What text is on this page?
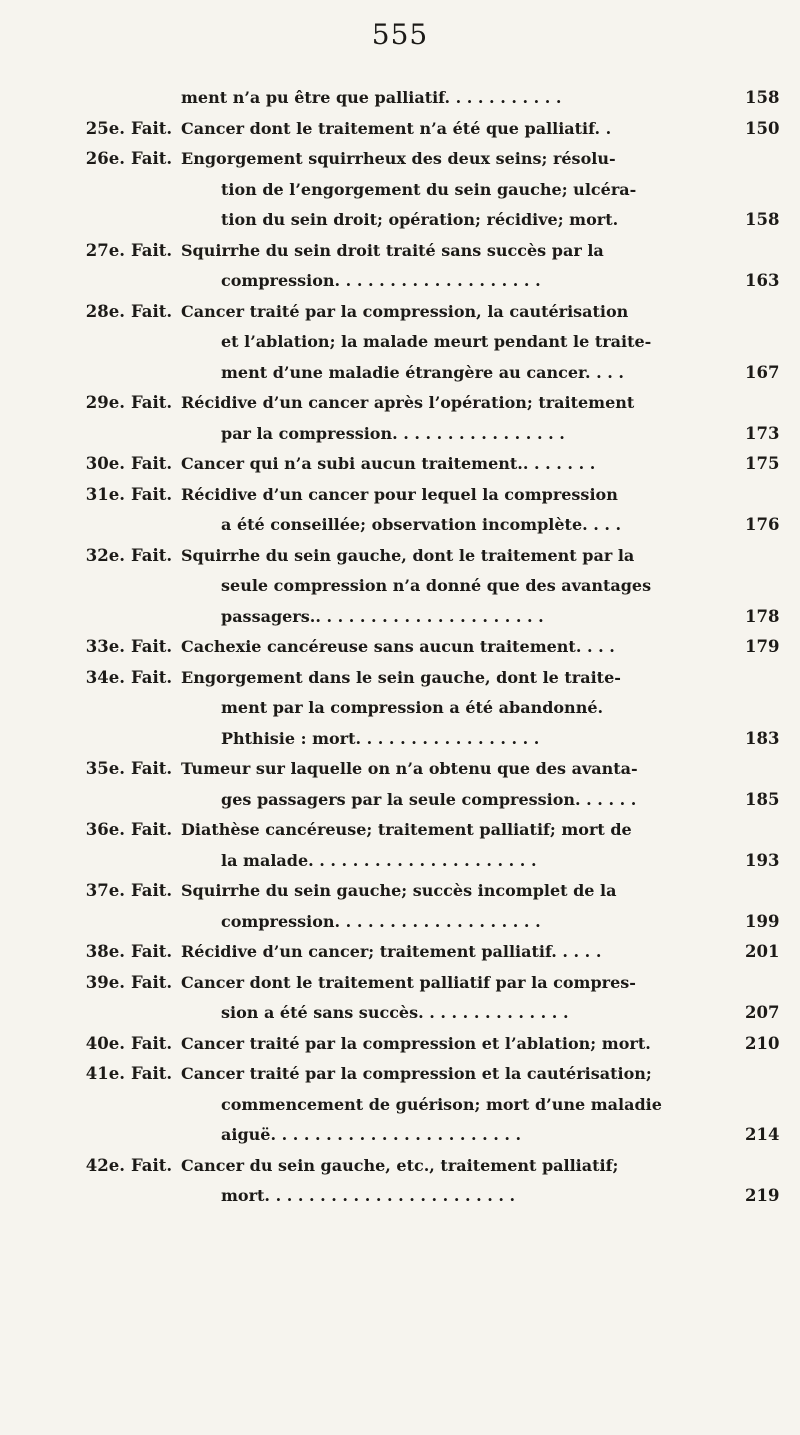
555
ment n’a pu être que palliatif. . . . . . . . . . .	158
25e. Fait. Cancer dont le traitement n’a été que palliatif. .	150
26e. Fait. Engorgement squirrheux des deux seins; résolu-
tion de l’engorgement du sein gauche; ulcéra-
tion du sein droit; opération; récidive; mort.	158
27e. Fait. Squirrhe du sein droit traité sans succès par la
compression. . . . . . . . . . . . . . . . . . .	163
28e. Fait. Cancer traité par la compression, la cautérisation
et l’ablation; la malade meurt pendant le traite-
ment d’une maladie étrangère au cancer. . . .	167
29e. Fait. Récidive d’un cancer après l’opération; traitement
par la compression. . . . . . . . . . . . . . . .	173
30e. Fait. Cancer qui n’a subi aucun traitement.. . . . . . .	175
31e. Fait. Récidive d’un cancer pour lequel la compression
a été conseillée; observation incomplète. . . .	176
32e. Fait. Squirrhe du sein gauche, dont le traitement par la
seule compression n’a donné que des avantages
passagers.. . . . . . . . . . . . . . . . . . . . .	178
33e. Fait. Cachexie cancéreuse sans aucun traitement. . . .	179
34e. Fait. Engorgement dans le sein gauche, dont le traite-
ment par la compression a été abandonné.
Phthisie : mort. . . . . . . . . . . . . . . . .	183
35e. Fait. Tumeur sur laquelle on n’a obtenu que des avanta-
ges passagers par la seule compression. . . . . .	185
36e. Fait. Diathèse cancéreuse; traitement palliatif; mort de
la malade. . . . . . . . . . . . . . . . . . . . .	193
37e. Fait. Squirrhe du sein gauche; succès incomplet de la
compression. . . . . . . . . . . . . . . . . . .	199
38e. Fait. Récidive d’un cancer; traitement palliatif. . . . .	201
39e. Fait. Cancer dont le traitement palliatif par la compres-
sion a été sans succès. . . . . . . . . . . . . .	207
40e. Fait. Cancer traité par la compression et l’ablation; mort.	210
41e. Fait. Cancer traité par la compression et la cautérisation;
commencement de guérison; mort d’une maladie
aiguë. . . . . . . . . . . . . . . . . . . . . . .	214
42e. Fait. Cancer du sein gauche, etc., traitement palliatif;
mort. . . . . . . . . . . . . . . . . . . . . . .	219
